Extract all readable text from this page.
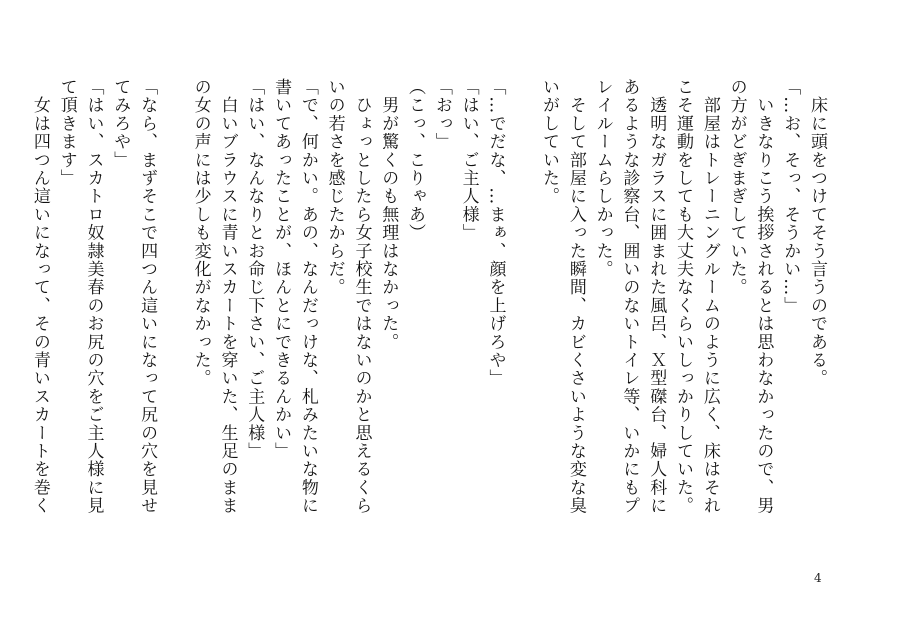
　床に頭をつけてそう言うのである。
「…お、そっ、そうかい…」
　いきなりこう挨拶されるとは思わなかったので、男
の方がどぎまぎしていた。
　部屋はトレーニングルームのように広く、床はそれ
こそ運動をしても大丈夫なくらいしっかりしていた。
　透明なガラスに囲まれた風呂、Ｘ型磔台、婦人科に
あるような診察台、囲いのないトイレ等、いかにもプ
レイルームらしかった。
　そして部屋に入った瞬間、カビくさいような変な臭
いがしていた。

「…でだな、…まぁ、顔を上げろや」
「はい、ご主人様」
「おっ」
（こっ、こりゃあ）
　男が驚くのも無理はなかった。
　ひょっとしたら女子校生ではないのかと思えるくら
いの若さを感じたからだ。
「で、何かい。あの、なんだっけな、札みたいな物に
書いてあったことが、ほんとにできるんかい」
「はい、なんなりとお命じ下さい、ご主人様」
　白いブラウスに青いスカートを穿いた、生足のまま
の女の声には少しも変化がなかった。

「なら、まずそこで四つん這いになって尻の穴を見せ
てみろや」
「はい、スカトロ奴隷美春のお尻の穴をご主人様に見
て頂きます」
　女は四つん這いになって、その青いスカートを巻く
4
